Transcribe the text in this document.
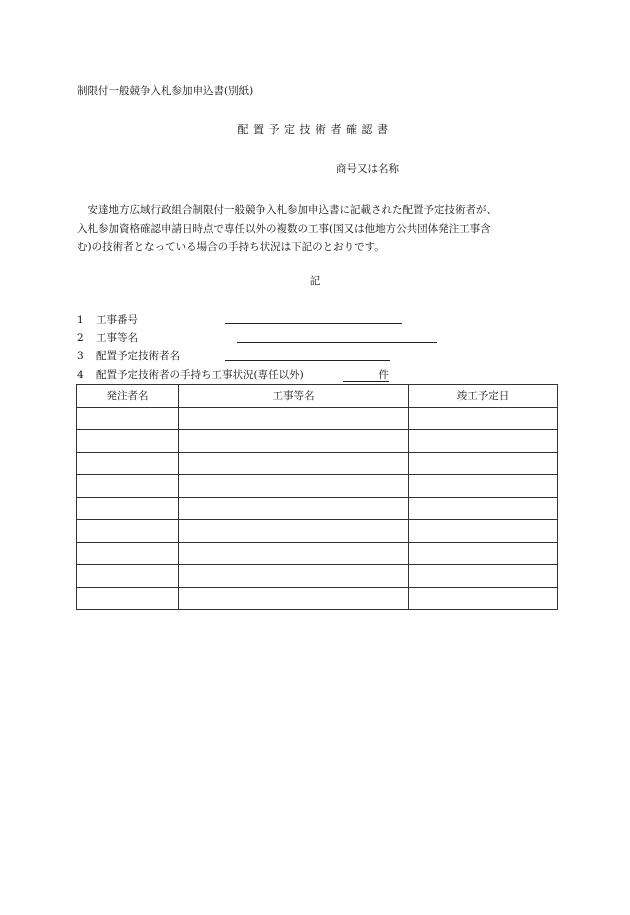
制限付一般競争入札参加申込書(別紙)
配置予定技術者確認書
商号又は名称

　安達地方広域行政組合制限付一般競争入札参加申込書に記載された配置予定技術者が、

入札参加資格確認申請日時点で専任以外の複数の工事(国又は他地方公共団体発注工事含

む)の技術者となっている場合の手持ち状況は下記のとおりです。

記
1 工事番号
2 工事等名
3 配置予定技術者名
4 配置予定技術者の手持ち工事状況(専任以外)	件
発注者名	工事等名	竣工予定日
